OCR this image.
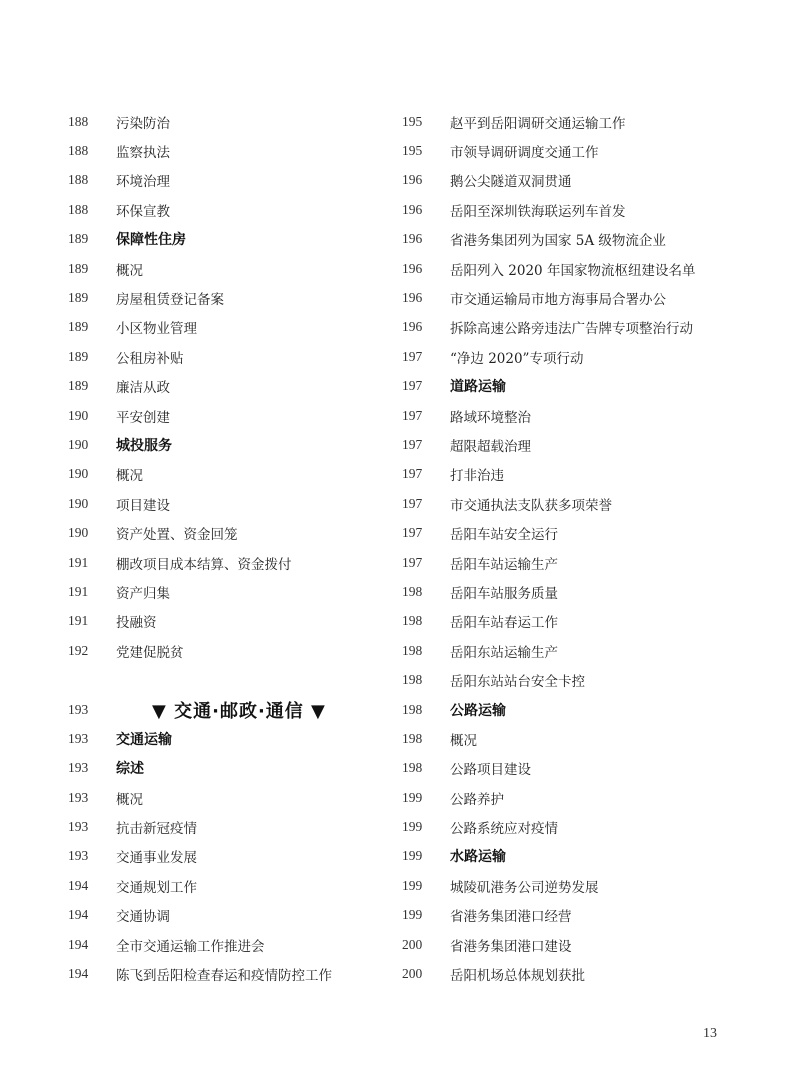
188	污染防治
188	监察执法
188	环境治理
188	环保宣教
189	保障性住房
189	概况
189	房屋租赁登记备案
189	小区物业管理
189	公租房补贴
189	廉洁从政
190	平安创建
190	城投服务
190	概况
190	项目建设
190	资产处置、资金回笼
191	棚改项目成本结算、资金拨付
191	资产归集
191	投融资
192	党建促脱贫
193	▼ 交通·邮政·通信 ▼
193	交通运输
193	综述
193	概况
193	抗击新冠疫情
193	交通事业发展
194	交通规划工作
194	交通协调
194	全市交通运输工作推进会
194	陈飞到岳阳检查春运和疫情防控工作
195	赵平到岳阳调研交通运输工作
195	市领导调研调度交通工作
196	鹅公尖隧道双洞贯通
196	岳阳至深圳铁海联运列车首发
196	省港务集团列为国家 5A 级物流企业
196	岳阳列入 2020 年国家物流枢纽建设名单
196	市交通运输局市地方海事局合署办公
196	拆除高速公路旁违法广告牌专项整治行动
197	“净边 2020”专项行动
197	道路运输
197	路域环境整治
197	超限超载治理
197	打非治违
197	市交通执法支队获多项荣誉
197	岳阳车站安全运行
197	岳阳车站运输生产
198	岳阳车站服务质量
198	岳阳车站春运工作
198	岳阳东站运输生产
198	岳阳东站站台安全卡控
198	公路运输
198	概况
198	公路项目建设
199	公路养护
199	公路系统应对疫情
199	水路运输
199	城陵矶港务公司逆势发展
199	省港务集团港口经营
200	省港务集团港口建设
200	岳阳机场总体规划获批
13
